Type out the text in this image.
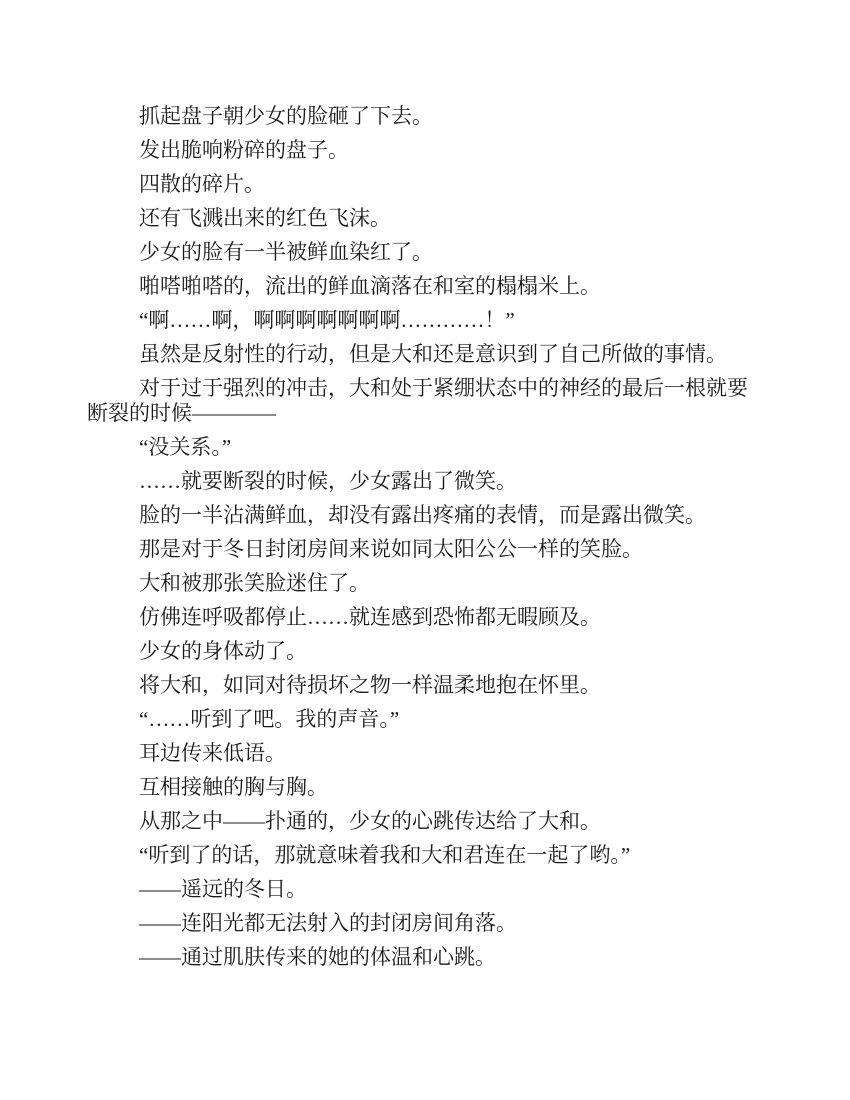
抓起盘子朝少女的脸砸了下去。
发出脆响粉碎的盘子。
四散的碎片。
还有飞溅出来的红色飞沫。
少女的脸有一半被鲜血染红了。
啪嗒啪嗒的，流出的鲜血滴落在和室的榻榻米上。
“啊……啊，啊啊啊啊啊啊啊…………！”
虽然是反射性的行动，但是大和还是意识到了自己所做的事情。
对于过于强烈的冲击，大和处于紧绷状态中的神经的最后一根就要
断裂的时候————
“没关系。”
……就要断裂的时候，少女露出了微笑。
脸的一半沾满鲜血，却没有露出疼痛的表情，而是露出微笑。
那是对于冬日封闭房间来说如同太阳公公一样的笑脸。
大和被那张笑脸迷住了。
仿佛连呼吸都停止……就连感到恐怖都无暇顾及。
少女的身体动了。
将大和，如同对待损坏之物一样温柔地抱在怀里。
“……听到了吧。我的声音。”
耳边传来低语。
互相接触的胸与胸。
从那之中——扑通的，少女的心跳传达给了大和。
“听到了的话，那就意味着我和大和君连在一起了哟。”
——遥远的冬日。
——连阳光都无法射入的封闭房间角落。
——通过肌肤传来的她的体温和心跳。
